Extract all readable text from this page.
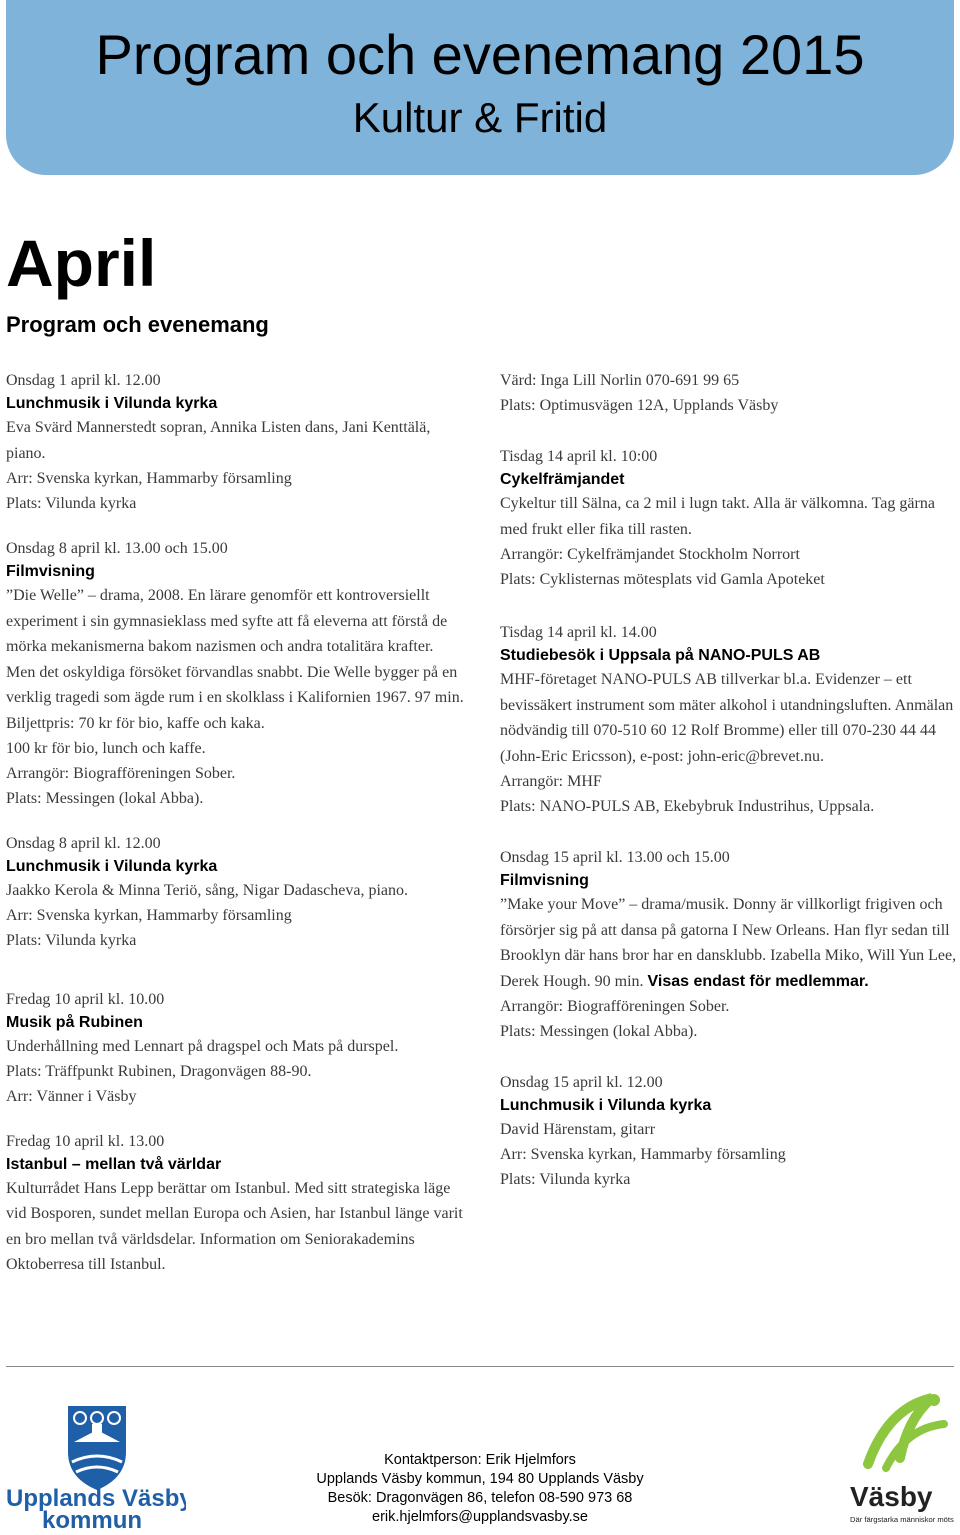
Program och evenemang 2015
Kultur & Fritid
April
Program och evenemang
Onsdag 1 april kl. 12.00
Lunchmusik i Vilunda kyrka
Eva Svärd Mannerstedt sopran, Annika Listen dans, Jani Kenttälä, piano.
Arr: Svenska kyrkan, Hammarby församling
Plats: Vilunda kyrka
Onsdag 8 april kl. 13.00 och 15.00
Filmvisning
”Die Welle” – drama, 2008. En lärare genomför ett kontroversiellt experiment i sin gymnasieklass med syfte att få eleverna att förstå de mörka mekanismerna bakom nazismen och andra totalitära krafter. Men det oskyldiga försöket förvandlas snabbt. Die Welle bygger på en verklig tragedi som ägde rum i en skolklass i Kalifornien 1967. 97 min.
Biljettpris: 70 kr för bio, kaffe och kaka.
100 kr för bio, lunch och kaffe.
Arrangör: Biografföreningen Sober.
Plats: Messingen (lokal Abba).
Onsdag 8 april kl. 12.00
Lunchmusik i Vilunda kyrka
Jaakko Kerola & Minna Teriö, sång, Nigar Dadascheva, piano.
Arr: Svenska kyrkan, Hammarby församling
Plats: Vilunda kyrka
Fredag 10 april kl. 10.00
Musik på Rubinen
Underhållning med Lennart på dragspel och Mats på durspel.
Plats: Träffpunkt Rubinen, Dragonvägen 88-90.
Arr: Vänner i Väsby
Fredag 10 april kl. 13.00
Istanbul – mellan två världar
Kulturrådet Hans Lepp berättar om Istanbul. Med sitt strategiska läge vid Bosporen, sundet mellan Europa och Asien, har Istanbul länge varit en bro mellan två världsdelar. Information om Seniorakademins Oktoberresa till Istanbul.
Värd: Inga Lill Norlin 070-691 99 65
Plats: Optimusvägen 12A, Upplands Väsby
Tisdag 14 april kl. 10:00
Cykelfrämjandet
Cykeltur till Sälna, ca 2 mil i lugn takt. Alla är välkomna. Tag gärna med frukt eller fika till rasten.
Arrangör: Cykelfrämjandet Stockholm Norrort
Plats: Cyklisternas mötesplats vid Gamla Apoteket
Tisdag 14 april kl. 14.00
Studiebesök i Uppsala på NANO-PULS AB
MHF-företaget NANO-PULS AB tillverkar bl.a. Evidenzer – ett bevissäkert instrument som mäter alkohol i utandningsluften. Anmälan nödvändig till 070-510 60 12 Rolf Bromme) eller till 070-230 44 44 (John-Eric Ericsson), e-post: john-eric@brevet.nu.
Arrangör: MHF
Plats: NANO-PULS AB, Ekebybruk Industrihus, Uppsala.
Onsdag 15 april kl. 13.00 och 15.00
Filmvisning
”Make your Move” – drama/musik. Donny är villkorligt frigiven och försörjer sig på att dansa på gatorna I New Orleans. Han flyr sedan till Brooklyn där hans bror har en dansklubb. Izabella Miko, Will Yun Lee, Derek Hough. 90 min. Visas endast för medlemmar.
Arrangör: Biografföreningen Sober.
Plats: Messingen (lokal Abba).
Onsdag 15 april kl. 12.00
Lunchmusik i Vilunda kyrka
David Härenstam, gitarr
Arr: Svenska kyrkan, Hammarby församling
Plats: Vilunda kyrka
Upplands Väsby
kommun
Kontaktperson: Erik Hjelmfors
Upplands Väsby kommun, 194 80 Upplands Väsby
Besök: Dragonvägen 86, telefon 08-590 973 68
erik.hjelmfors@upplandsvasby.se
Väsby
Där färgstarka människor möts
